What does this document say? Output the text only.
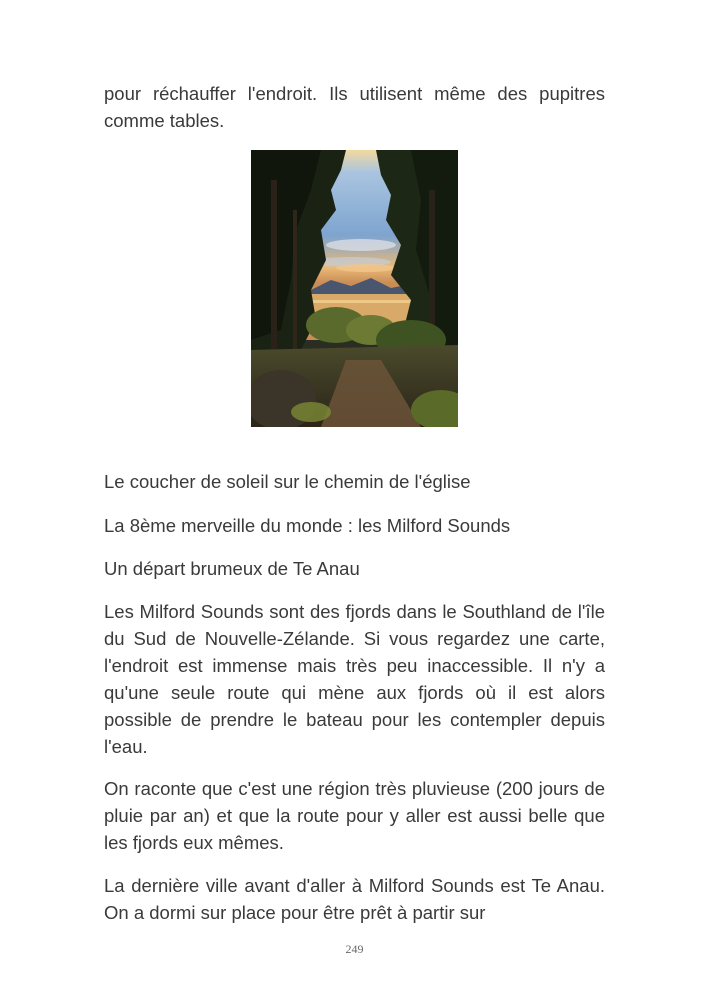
pour réchauffer l'endroit. Ils utilisent même des pupitres comme tables.

Le coucher de soleil sur le chemin de l'église

La 8ème merveille du monde : les Milford Sounds

Un départ brumeux de Te Anau

Les Milford Sounds sont des fjords dans le Southland de l'île du Sud de Nouvelle-Zélande. Si vous regardez une carte, l'endroit est immense mais très peu inaccessible. Il n'y a qu'une seule route qui mène aux fjords où il est alors possible de prendre le bateau pour les contempler depuis l'eau.

On raconte que c'est une région très pluvieuse (200 jours de pluie par an) et que la route pour y aller est aussi belle que les fjords eux mêmes.

La dernière ville avant d'aller à Milford Sounds est Te Anau. On a dormi sur place pour être prêt à partir sur

249
